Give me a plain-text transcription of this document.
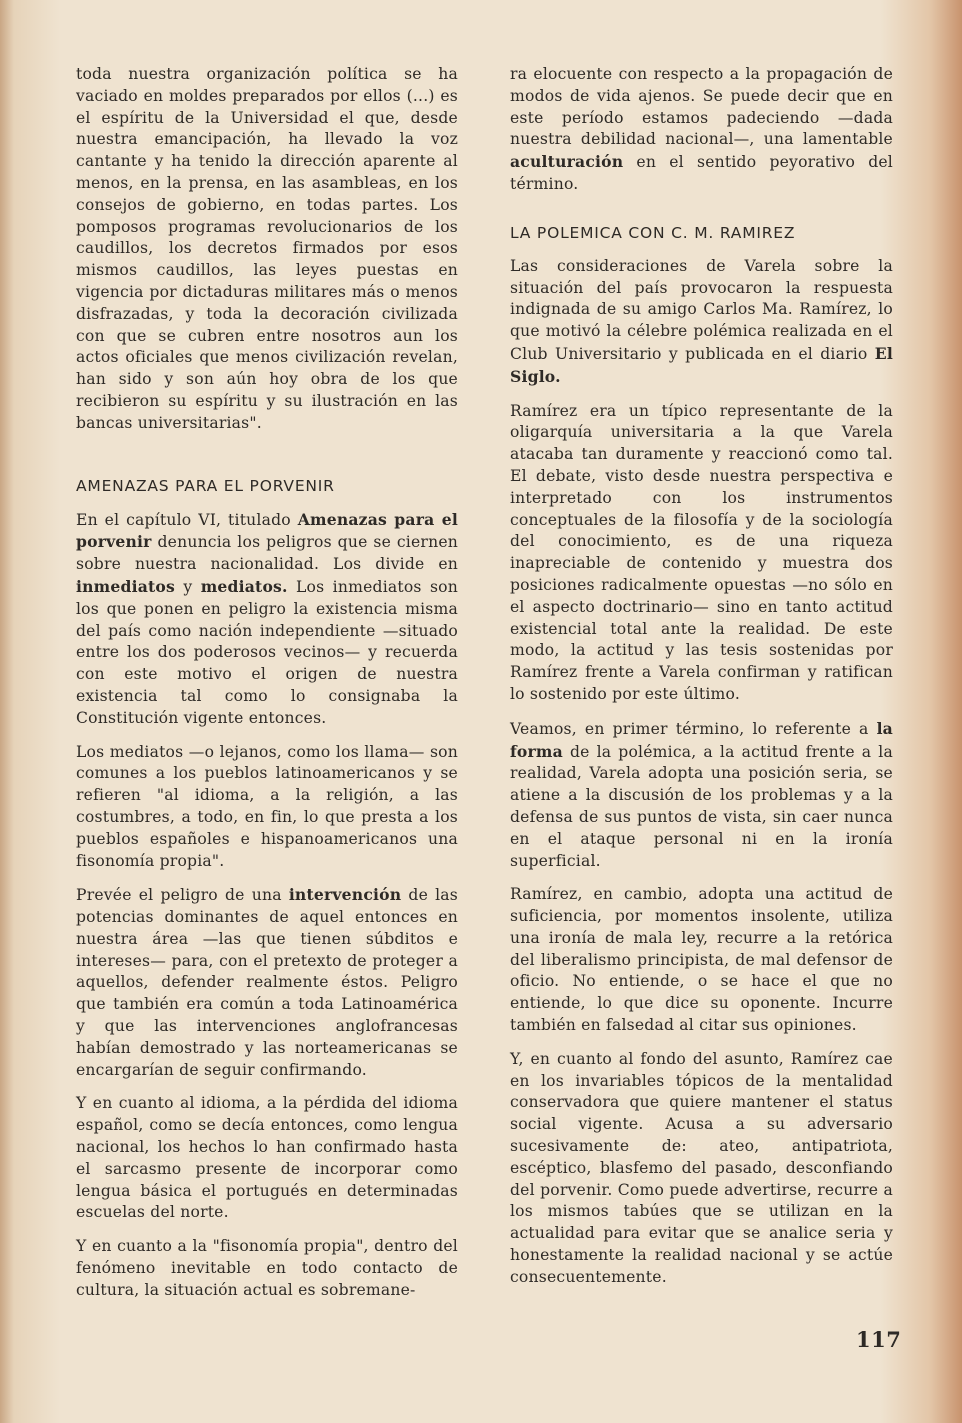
toda nuestra organización política se ha vaciado en moldes preparados por ellos (...) es el espíritu de la Universidad el que, desde nuestra emancipación, ha llevado la voz cantante y ha tenido la dirección aparente al menos, en la prensa, en las asambleas, en los consejos de gobierno, en todas partes. Los pomposos programas revolucionarios de los caudillos, los decretos firmados por esos mismos caudillos, las leyes puestas en vigencia por dictaduras militares más o menos disfrazadas, y toda la decoración civilizada con que se cubren entre nosotros aun los actos oficiales que menos civilización revelan, han sido y son aún hoy obra de los que recibieron su espíritu y su ilustración en las bancas universitarias".

AMENAZAS PARA EL PORVENIR

En el capítulo VI, titulado Amenazas para el porvenir denuncia los peligros que se ciernen sobre nuestra nacionalidad. Los divide en inmediatos y mediatos. Los inmediatos son los que ponen en peligro la existencia misma del país como nación independiente —situado entre los dos poderosos vecinos— y recuerda con este motivo el origen de nuestra existencia tal como lo consignaba la Constitución vigente entonces.

Los mediatos —o lejanos, como los llama— son comunes a los pueblos latinoamericanos y se refieren "al idioma, a la religión, a las costumbres, a todo, en fin, lo que presta a los pueblos españoles e hispanoamericanos una fisonomía propia".

Prevée el peligro de una intervención de las potencias dominantes de aquel entonces en nuestra área —las que tienen súbditos e intereses— para, con el pretexto de proteger a aquellos, defender realmente éstos. Peligro que también era común a toda Latinoamérica y que las intervenciones anglofrancesas habían demostrado y las norteamericanas se encargarían de seguir confirmando.

Y en cuanto al idioma, a la pérdida del idioma español, como se decía entonces, como lengua nacional, los hechos lo han confirmado hasta el sarcasmo presente de incorporar como lengua básica el portugués en determinadas escuelas del norte.

Y en cuanto a la "fisonomía propia", dentro del fenómeno inevitable en todo contacto de cultura, la situación actual es sobremane-

ra elocuente con respecto a la propagación de modos de vida ajenos. Se puede decir que en este período estamos padeciendo —dada nuestra debilidad nacional—, una lamentable aculturación en el sentido peyorativo del término.

LA POLEMICA CON C. M. RAMIREZ

Las consideraciones de Varela sobre la situación del país provocaron la respuesta indignada de su amigo Carlos Ma. Ramírez, lo que motivó la célebre polémica realizada en el Club Universitario y publicada en el diario El Siglo.

Ramírez era un típico representante de la oligarquía universitaria a la que Varela atacaba tan duramente y reaccionó como tal. El debate, visto desde nuestra perspectiva e interpretado con los instrumentos conceptuales de la filosofía y de la sociología del conocimiento, es de una riqueza inapreciable de contenido y muestra dos posiciones radicalmente opuestas —no sólo en el aspecto doctrinario— sino en tanto actitud existencial total ante la realidad. De este modo, la actitud y las tesis sostenidas por Ramírez frente a Varela confirman y ratifican lo sostenido por este último.

Veamos, en primer término, lo referente a la forma de la polémica, a la actitud frente a la realidad, Varela adopta una posición seria, se atiene a la discusión de los problemas y a la defensa de sus puntos de vista, sin caer nunca en el ataque personal ni en la ironía superficial.

Ramírez, en cambio, adopta una actitud de suficiencia, por momentos insolente, utiliza una ironía de mala ley, recurre a la retórica del liberalismo principista, de mal defensor de oficio. No entiende, o se hace el que no entiende, lo que dice su oponente. Incurre también en falsedad al citar sus opiniones.

Y, en cuanto al fondo del asunto, Ramírez cae en los invariables tópicos de la mentalidad conservadora que quiere mantener el status social vigente. Acusa a su adversario sucesivamente de: ateo, antipatriota, escéptico, blasfemo del pasado, desconfiando del porvenir. Como puede advertirse, recurre a los mismos tabúes que se utilizan en la actualidad para evitar que se analice seria y honestamente la realidad nacional y se actúe consecuentemente.

117
